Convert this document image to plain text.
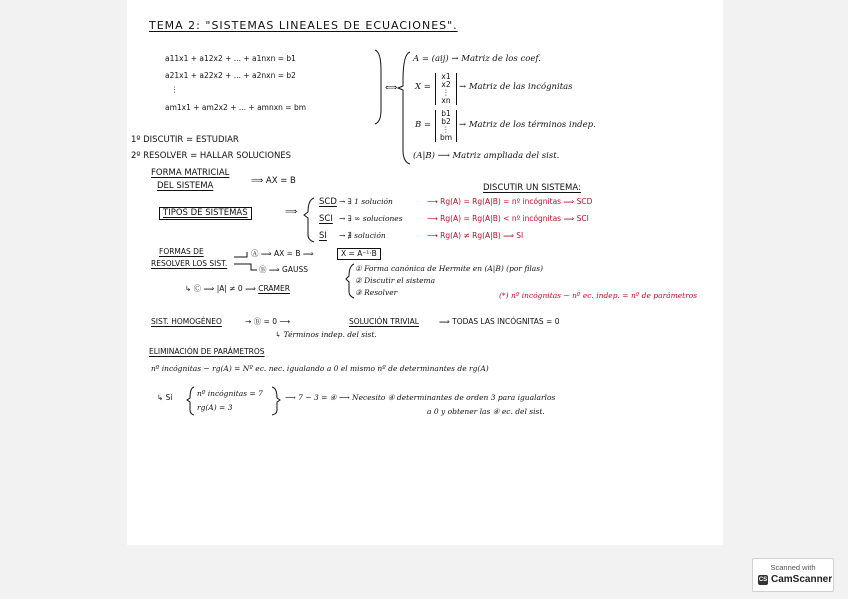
TEMA 2: "SISTEMAS LINEALES DE ECUACIONES".
a11x1 + a12x2 + ... + a1nxn = b1
a21x1 + a22x2 + ... + a2nxn = b2
⋮
am1x1 + am2x2 + ... + amnxn = bm
⟺
A = (aij) → Matriz de los coef.
X =
x1
x2
⋮
xn
→ Matriz de las incógnitas
B =
b1
b2
⋮
bm
→ Matriz de los términos indep.
(A|B) ⟶ Matriz ampliada del sist.
1º DISCUTIR = ESTUDIAR
2º RESOLVER = HALLAR SOLUCIONES
FORMA MATRICIAL
DEL SISTEMA	⟹ AX = B
DISCUTIR UN SISTEMA:
TIPOS DE SISTEMAS	⟹
SCD → ∃ 1 solución	⟶ Rg(A) = Rg(A|B) = nº incógnitas ⟹ SCD
SCI → ∃ ∞ soluciones	⟶ Rg(A) = Rg(A|B) < nº incógnitas ⟹ SCI
SI → ∄ solución	⟶ Rg(A) ≠ Rg(A|B) ⟹ SI
FORMAS DE
RESOLVER LOS SIST.
Ⓐ ⟹ AX = B ⟹	X = A⁻¹·B
Ⓑ ⟹ GAUSS	① Forma canónica de Hermite en (A|B) (por filas)
② Discutir el sistema
③ Resolver
↳ Ⓒ ⟹ |A| ≠ 0 ⟹ CRAMER
(*) nº incógnitas − nº ec. indep. = nº de parámetros
SIST. HOMOGÉNEO	→ Ⓑ = 0 ⟶	SOLUCIÓN TRIVIAL	⟹ TODAS LAS INCÓGNITAS = 0
↳ Términos indep. del sist.
ELIMINACIÓN DE PARÁMETROS
nº incógnitas − rg(A) = Nº ec. nec. igualando a 0 el mismo nº de determinantes de rg(A)
↳ Si	nº incógnitas = 7
rg(A) = 3
⟶ 7 − 3 = ④ ⟶ Necesito ④ determinantes de orden 3 para igualarlos
a 0 y obtener las ④ ec. del sist.
Scanned with
CS CamScanner
